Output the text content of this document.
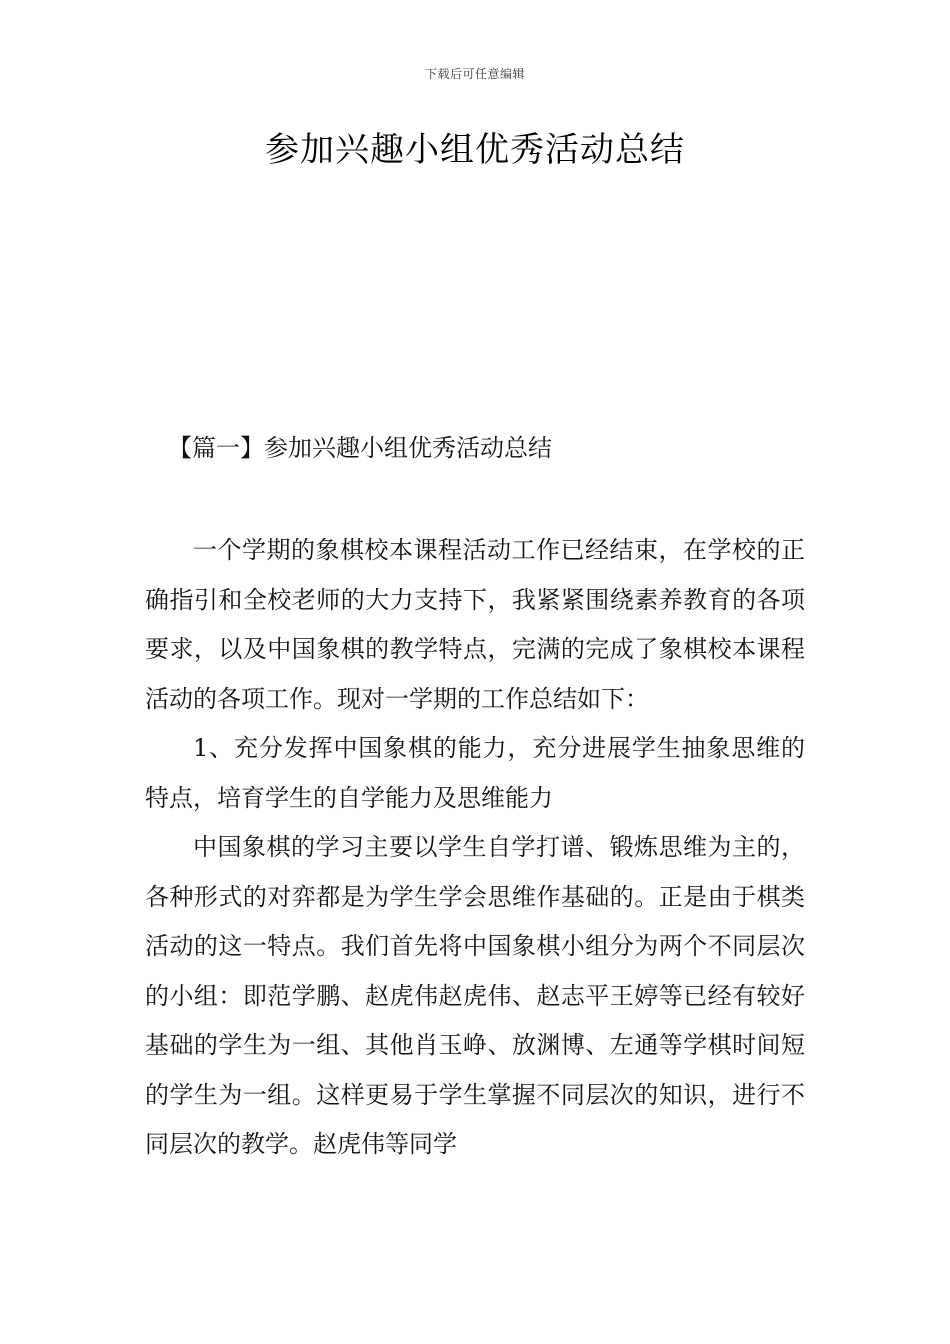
下载后可任意编辑
参加兴趣小组优秀活动总结
【篇一】参加兴趣小组优秀活动总结

一个学期的象棋校本课程活动工作已经结束，在学校的正确指引和全校老师的大力支持下，我紧紧围绕素养教育的各项要求，以及中国象棋的教学特点，完满的完成了象棋校本课程活动的各项工作。现对一学期的工作总结如下：

1、充分发挥中国象棋的能力，充分进展学生抽象思维的特点，培育学生的自学能力及思维能力

中国象棋的学习主要以学生自学打谱、锻炼思维为主的，各种形式的对弈都是为学生学会思维作基础的。正是由于棋类活动的这一特点。我们首先将中国象棋小组分为两个不同层次的小组：即范学鹏、赵虎伟赵虎伟、赵志平王婷等已经有较好基础的学生为一组、其他肖玉峥、放渊博、左通等学棋时间短的学生为一组。这样更易于学生掌握不同层次的知识，进行不同层次的教学。赵虎伟等同学
